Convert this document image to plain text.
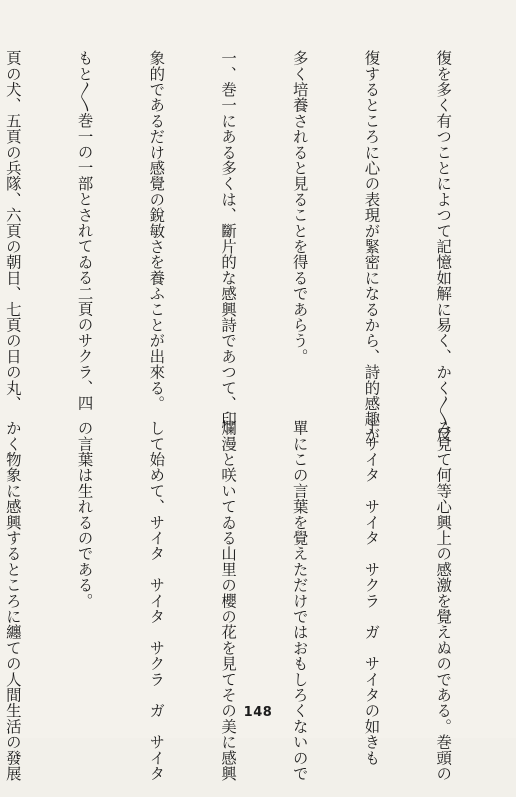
復を多く有つことによつて記憶如解に易く、かく〳〵反

復するところに心の表現が緊密になるから、詩的感趣が

多く培養されると見ることを得るであらう。

一、巻一にある多くは、斷片的な感興詩であつて、印

象的であるだけ感覺の銳敏さを養ふことが出來る。

もと〳〵巻一の一部とされてゐる二頁のサクラ、四

頁の犬、五頁の兵隊、六頁の朝日、七頁の日の丸、

み見て何等心興上の感激を覺えぬのである。巻頭の

ーサイタ　サイタ　サクラ　ガ　サイタの如きも

單にこの言葉を覺えただけではおもしろくないので

爛漫と咲いてゐる山里の櫻の花を見てその美に感興

して始めて、サイタ　サイタ　サクラ　ガ　サイタ

の言葉は生れるのである。

かく物象に感興するところに纏ての人間生活の發展

	148
